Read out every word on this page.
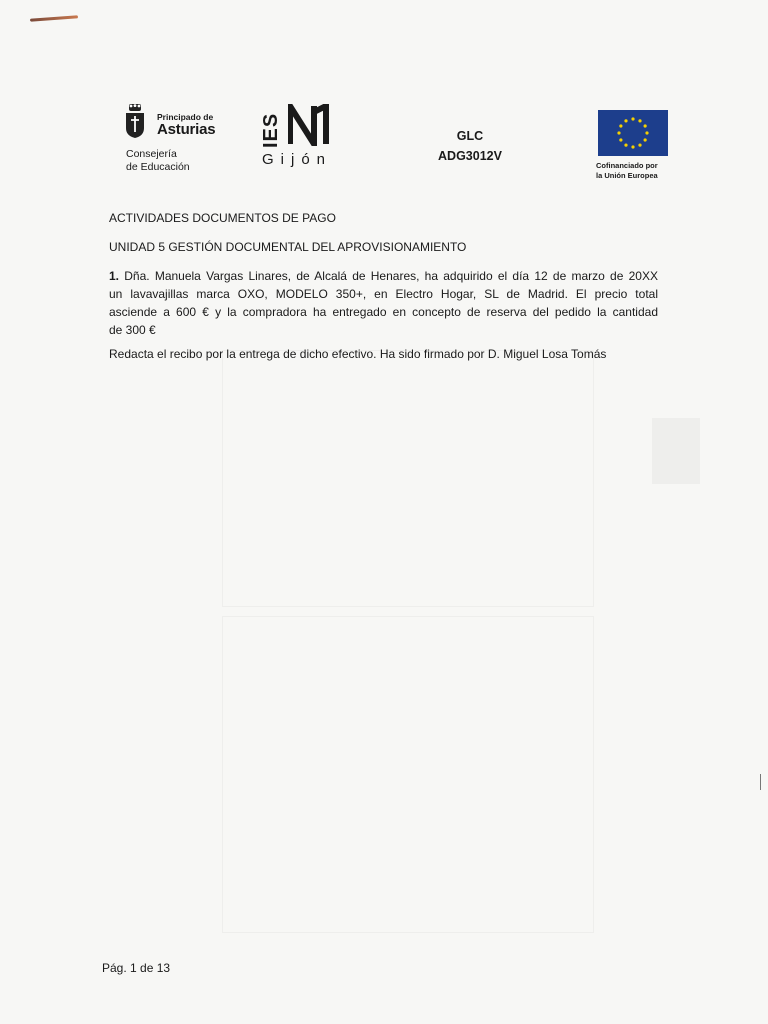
Principado de
Asturias
Consejería
de Educación
IES
Gijón
GLC
ADG3012V
Cofinanciado por
la Unión Europea
ACTIVIDADES DOCUMENTOS DE PAGO
UNIDAD 5 GESTIÓN DOCUMENTAL DEL APROVISIONAMIENTO
1. Dña. Manuela Vargas Linares, de Alcalá de Henares, ha adquirido el día 12 de marzo de 20XX
un lavavajillas marca OXO, MODELO 350+, en Electro Hogar, SL de Madrid. El precio total
asciende a 600 € y la compradora ha entregado en concepto de reserva del pedido la cantidad
de 300 €
Redacta el recibo por la entrega de dicho efectivo. Ha sido firmado por D. Miguel Losa Tomás
Pág. 1 de 13
